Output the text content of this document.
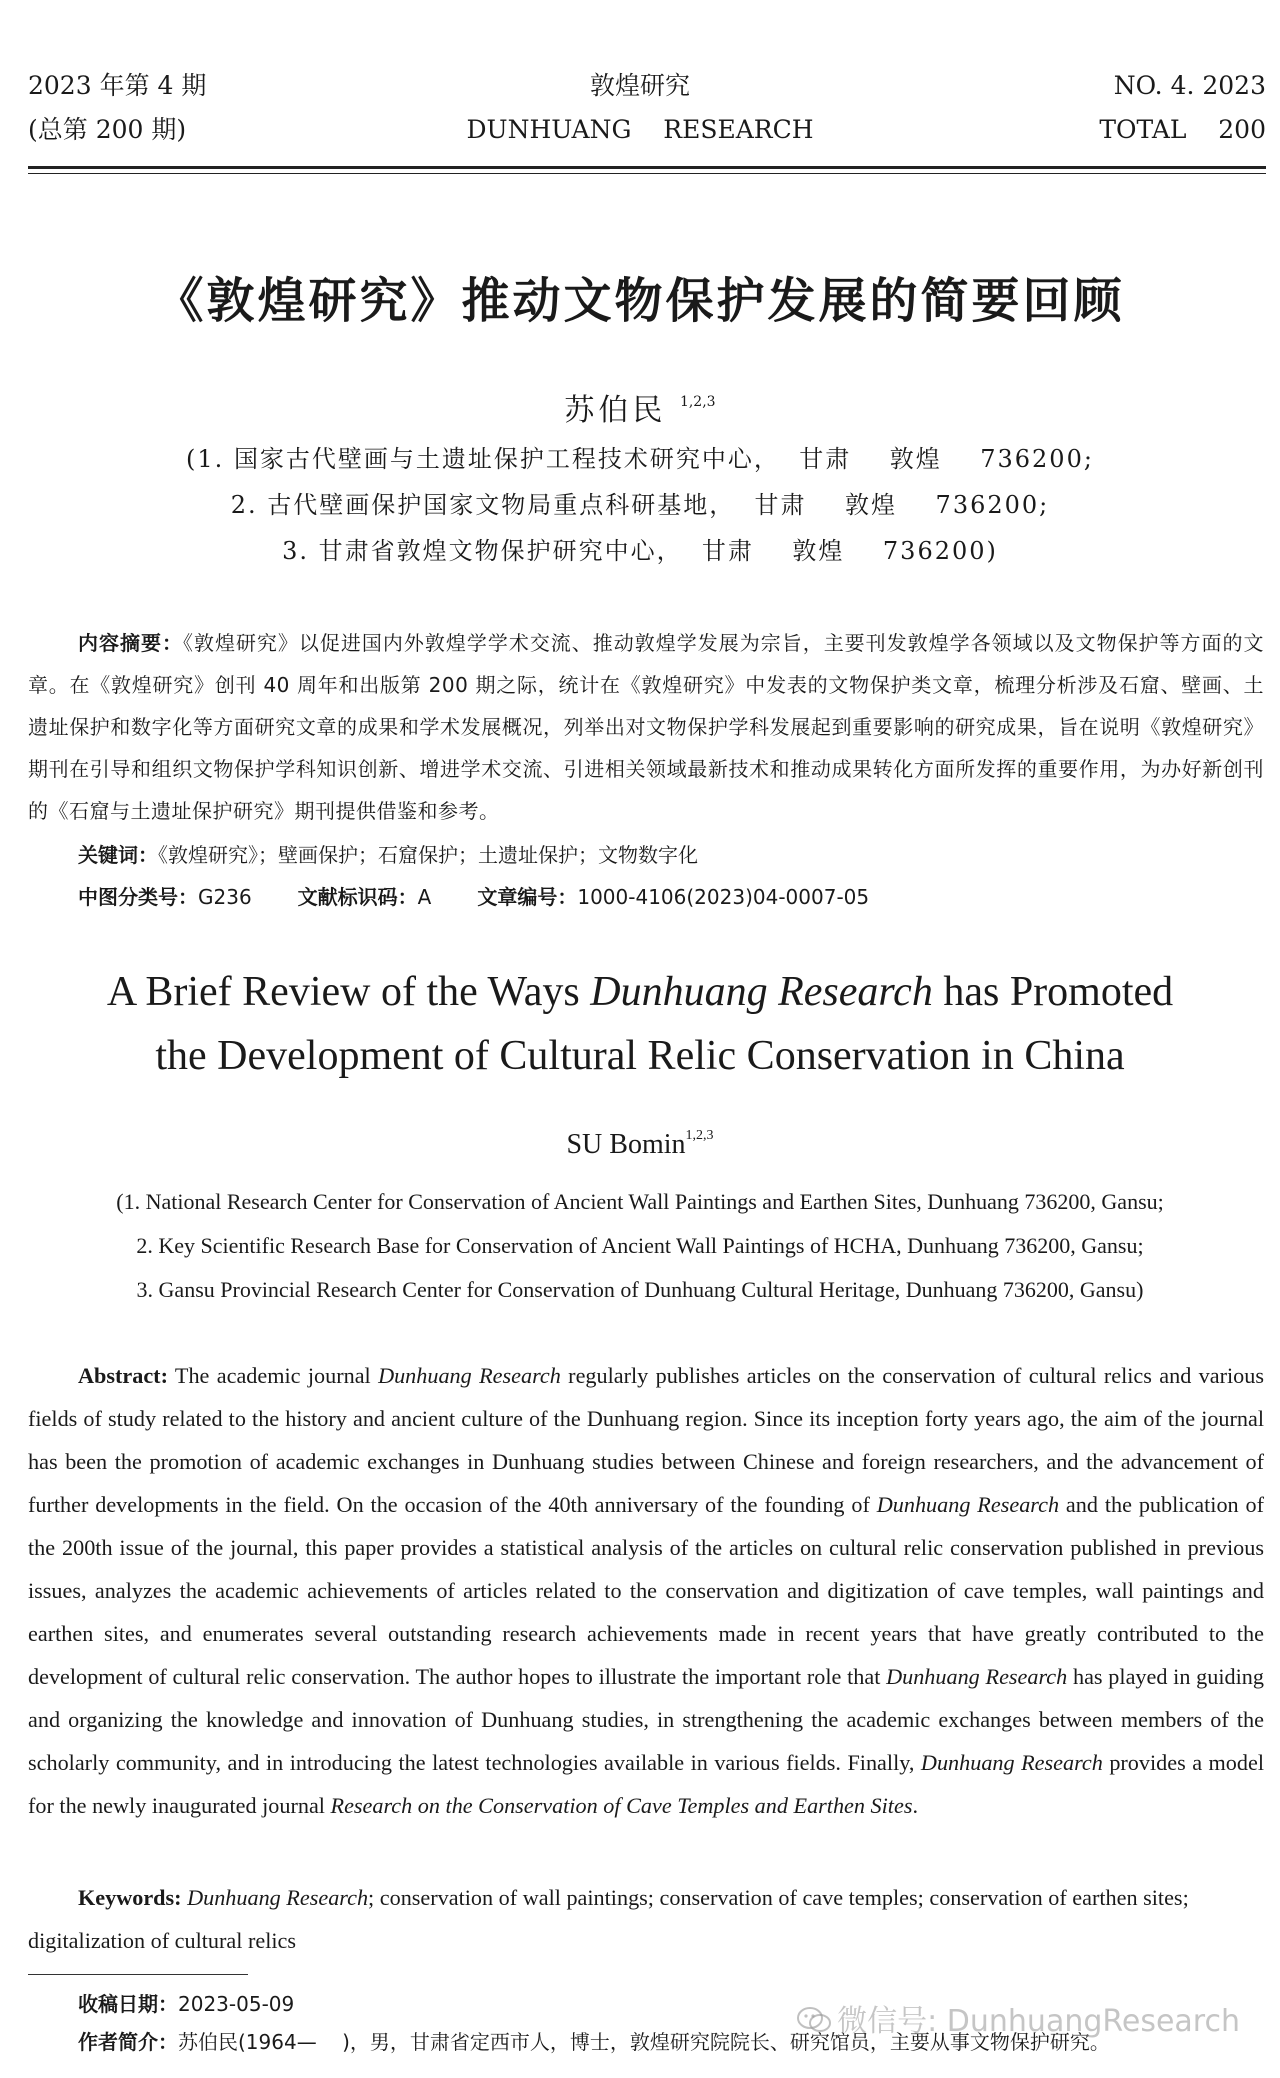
2023 年第 4 期
(总第 200 期)
敦煌研究
DUNHUANG    RESEARCH
NO. 4. 2023
TOTAL    200
《敦煌研究》推动文物保护发展的简要回顾
苏伯民 $^{1,2,3}$
(1. 国家古代壁画与土遗址保护工程技术研究中心，  甘肃    敦煌    736200;
2. 古代壁画保护国家文物局重点科研基地，  甘肃    敦煌    736200;
3. 甘肃省敦煌文物保护研究中心，  甘肃    敦煌    736200)

内容摘要：《敦煌研究》以促进国内外敦煌学学术交流、推动敦煌学发展为宗旨，主要刊发敦煌学各领域以及文物保护等方面的文章。在《敦煌研究》创刊 40 周年和出版第 200 期之际，统计在《敦煌研究》中发表的文物保护类文章，梳理分析涉及石窟、壁画、土遗址保护和数字化等方面研究文章的成果和学术发展概况，列举出对文物保护学科发展起到重要影响的研究成果，旨在说明《敦煌研究》期刊在引导和组织文物保护学科知识创新、增进学术交流、引进相关领域最新技术和推动成果转化方面所发挥的重要作用，为办好新创刊的《石窟与土遗址保护研究》期刊提供借鉴和参考。

关键词：《敦煌研究》；壁画保护；石窟保护；土遗址保护；文物数字化
中图分类号：G236 文献标识码：A 文章编号：1000-4106(2023)04-0007-05
A Brief Review of the Ways Dunhuang Research has Promoted
the Development of Cultural Relic Conservation in China
SU Bomin$^{1,2,3}$
(1. National Research Center for Conservation of Ancient Wall Paintings and Earthen Sites, Dunhuang 736200, Gansu;
2. Key Scientific Research Base for Conservation of Ancient Wall Paintings of HCHA, Dunhuang 736200, Gansu;
3. Gansu Provincial Research Center for Conservation of Dunhuang Cultural Heritage, Dunhuang 736200, Gansu)

Abstract: The academic journal Dunhuang Research regularly publishes articles on the conservation of cultural relics and various fields of study related to the history and ancient culture of the Dunhuang region. Since its inception forty years ago, the aim of the journal has been the promotion of academic exchanges in Dunhuang studies between Chinese and foreign researchers, and the advancement of further developments in the field. On the occasion of the 40th anniversary of the founding of Dunhuang Research and the publication of the 200th issue of the journal, this paper provides a statistical analysis of the articles on cultural relic conservation published in previous issues, analyzes the academic achievements of articles related to the conservation and digitization of cave temples, wall paintings and earthen sites, and enumerates several outstanding research achievements made in recent years that have greatly contributed to the development of cultural relic conservation. The author hopes to illustrate the important role that Dunhuang Research has played in guiding and organizing the knowledge and innovation of Dunhuang studies, in strengthening the academic exchanges between members of the scholarly community, and in introducing the latest technologies available in various fields. Finally, Dunhuang Research provides a model for the newly inaugurated journal Research on the Conservation of Cave Temples and Earthen Sites.

Keywords: Dunhuang Research; conservation of wall paintings; conservation of cave temples; conservation of earthen sites; digitalization of cultural relics

收稿日期：2023-05-09
作者简介：苏伯民(1964—    )，男，甘肃省定西市人，博士，敦煌研究院院长、研究馆员，主要从事文物保护研究。
微信号: DunhuangResearch
